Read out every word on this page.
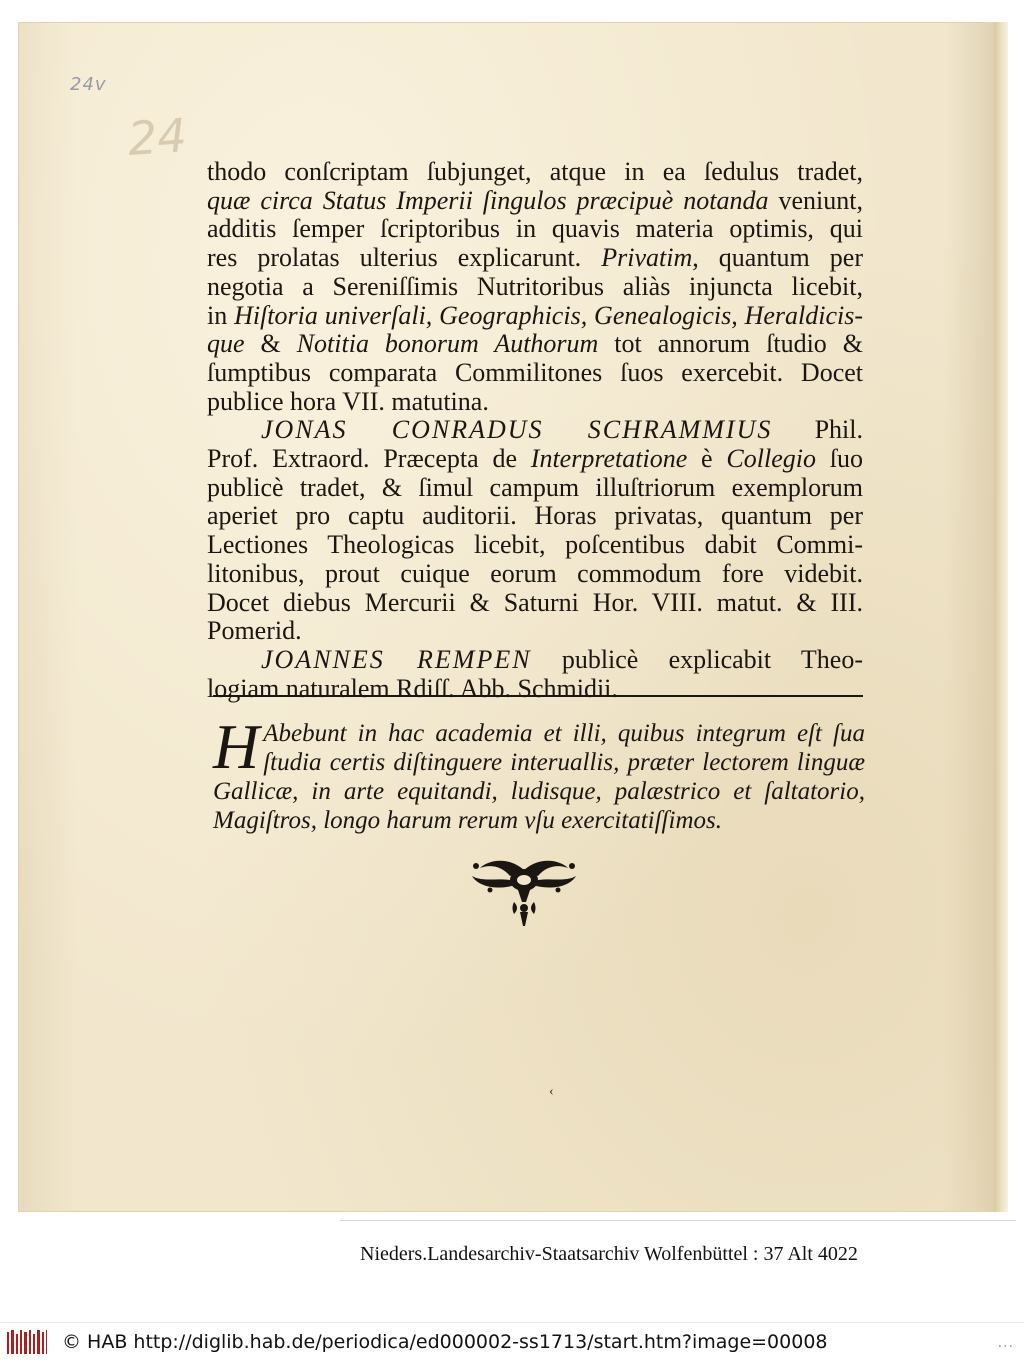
24v
24
thodo conſcriptam ſubjunget, atque in ea ſedulus tradet,
quæ circa Status Imperii ſingulos præcipuè notanda veniunt,
additis ſemper ſcriptoribus in quavis materia optimis, qui
res prolatas ulterius explicarunt. Privatim, quantum per
negotia a Sereniſſimis Nutritoribus aliàs injuncta licebit,
in Hiſtoria univerſali, Geographicis, Genealogicis, Heraldicis-
que & Notitia bonorum Authorum tot annorum ſtudio &
ſumptibus comparata Commilitones ſuos exercebit. Docet
publice hora VII. matutina.
JONAS CONRADUS SCHRAMMIUS Phil.
Prof. Extraord. Præcepta de Interpretatione è Collegio ſuo
publicè tradet, & ſimul campum illuſtriorum exemplorum
aperiet pro captu auditorii. Horas privatas, quantum per
Lectiones Theologicas licebit, poſcentibus dabit Commi-
litonibus, prout cuique eorum commodum fore videbit.
Docet diebus Mercurii & Saturni Hor. VIII. matut. & III.
Pomerid.
JOANNES REMPEN publicè explicabit Theo-
logiam naturalem Rdiſſ. Abb. Schmidii.
H Abebunt in hac academia et illi, quibus integrum eſt ſua
ſtudia certis diſtinguere interuallis, præter lectorem linguæ
Gallicæ, in arte equitandi, ludisque, palæstrico et ſaltatorio,
Magiſtros, longo harum rerum vſu exercitatiſſimos.
‹
Nieders.Landesarchiv-Staatsarchiv Wolfenbüttel : 37 Alt 4022
© HAB http://diglib.hab.de/periodica/ed000002-ss1713/start.htm?image=00008	...
